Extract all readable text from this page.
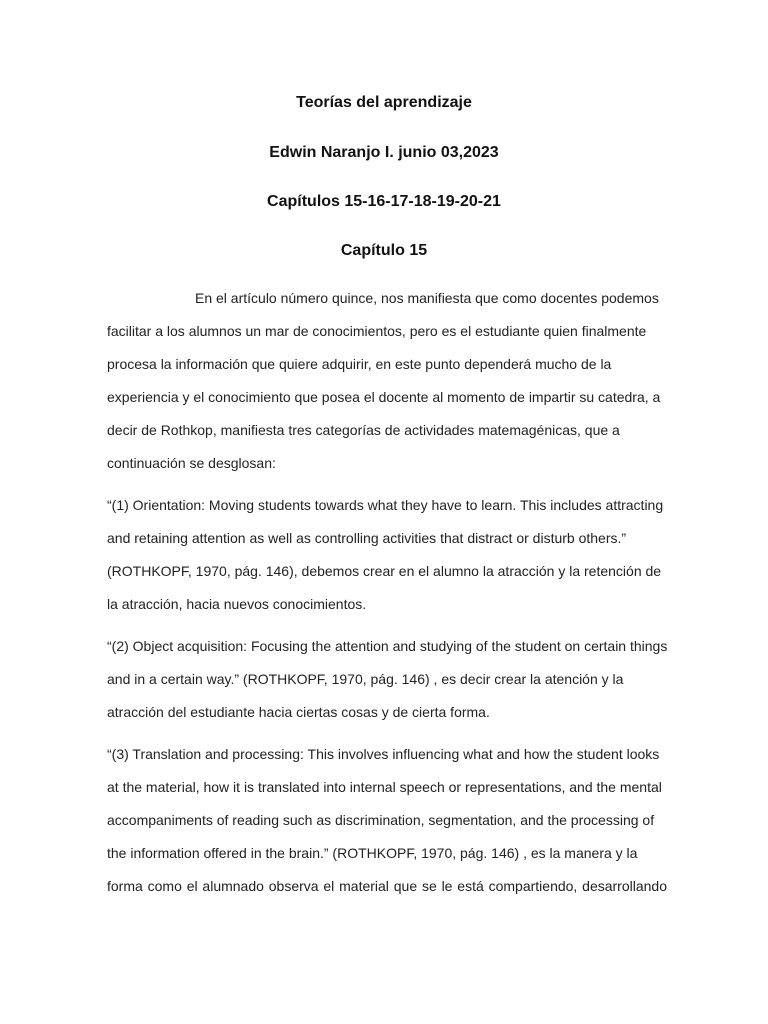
Teorías del aprendizaje
Edwin Naranjo I. junio 03,2023
Capítulos 15-16-17-18-19-20-21
Capítulo 15

En el artículo número quince, nos manifiesta que como docentes podemos
facilitar a los alumnos un mar de conocimientos, pero es el estudiante quien finalmente
procesa la información que quiere adquirir, en este punto dependerá mucho de la
experiencia y el conocimiento que posea el docente al momento de impartir su catedra, a
decir de Rothkop, manifiesta tres categorías de actividades matemagénicas, que a
continuación se desglosan:

“(1) Orientation: Moving students towards what they have to learn. This includes attracting
and retaining attention as well as controlling activities that distract or disturb others.”
(ROTHKOPF, 1970, pág. 146), debemos crear en el alumno la atracción y la retención de
la atracción, hacia nuevos conocimientos.

“(2) Object acquisition: Focusing the attention and studying of the student on certain things
and in a certain way.” (ROTHKOPF, 1970, pág. 146) , es decir crear la atención y la
atracción del estudiante hacia ciertas cosas y de cierta forma.

“(3) Translation and processing: This involves influencing what and how the student looks
at the material, how it is translated into internal speech or representations, and the mental
accompaniments of reading such as discrimination, segmentation, and the processing of
the information offered in the brain.” (ROTHKOPF, 1970, pág. 146) , es la manera y la
forma como el alumnado observa el material que se le está compartiendo, desarrollando
